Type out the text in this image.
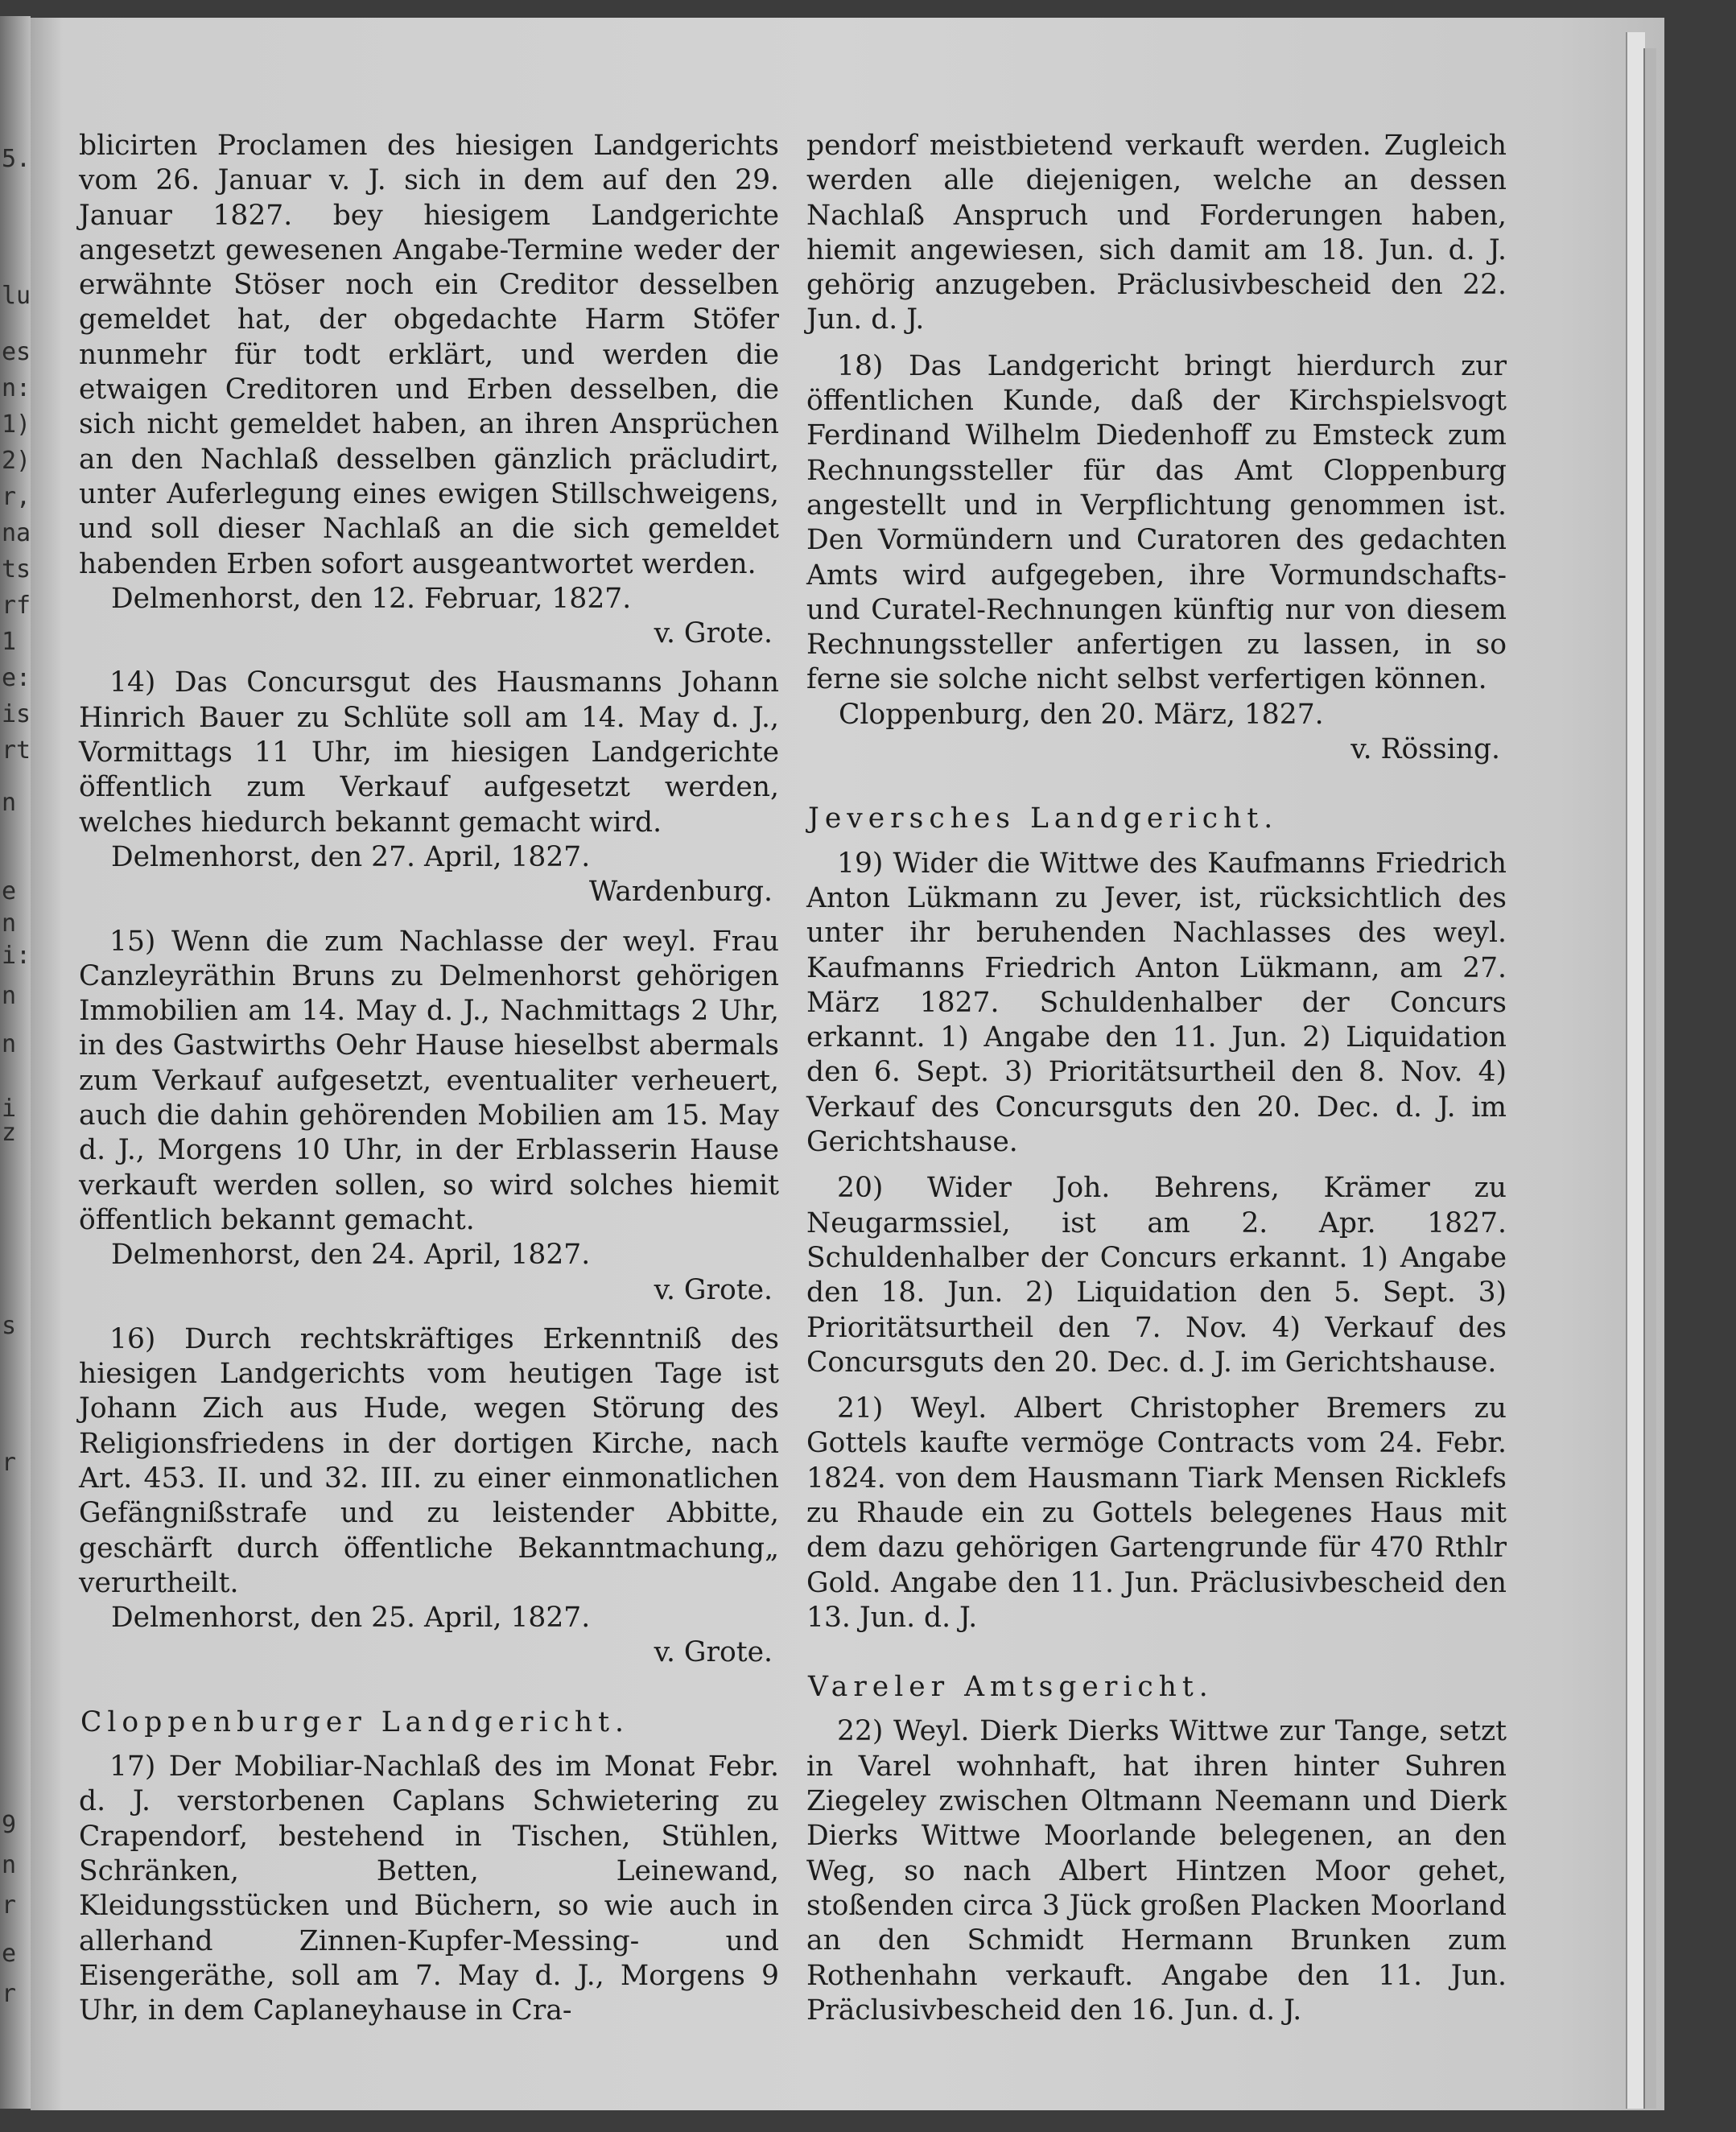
5.
lu
es
n:
1)
2)
r,
na
ts
rf
1
e:
is
rt
n
e
n
i:
n
n
i
z
s
r
9
n
r
e
r

blicirten Proclamen des hiesigen Landgerichts vom 26. Januar v. J. sich in dem auf den 29. Januar 1827. bey hiesigem Landgerichte angesetzt gewesenen Angabe-Termine weder der erwähnte Stöser noch ein Creditor desselben gemeldet hat, der obgedachte Harm Stöfer nunmehr für todt erklärt, und werden die etwaigen Creditoren und Erben desselben, die sich nicht gemeldet haben, an ihren Ansprüchen an den Nachlaß desselben gänzlich präcludirt, unter Auferlegung eines ewigen Stillschweigens, und soll dieser Nachlaß an die sich gemeldet habenden Erben sofort ausgeantwortet werden.

Delmenhorst, den 12. Februar, 1827.

v. Grote.

14) Das Concursgut des Hausmanns Johann Hinrich Bauer zu Schlüte soll am 14. May d. J., Vormittags 11 Uhr, im hiesigen Landgerichte öffentlich zum Verkauf aufgesetzt werden, welches hiedurch bekannt gemacht wird.

Delmenhorst, den 27. April, 1827.

Wardenburg.

15) Wenn die zum Nachlasse der weyl. Frau Canzleyräthin Bruns zu Delmenhorst gehörigen Immobilien am 14. May d. J., Nachmittags 2 Uhr, in des Gastwirths Oehr Hause hieselbst abermals zum Verkauf aufgesetzt, eventualiter verheuert, auch die dahin gehörenden Mobilien am 15. May d. J., Morgens 10 Uhr, in der Erblasserin Hause verkauft werden sollen, so wird solches hiemit öffentlich bekannt gemacht.

Delmenhorst, den 24. April, 1827.

v. Grote.

16) Durch rechtskräftiges Erkenntniß des hiesigen Landgerichts vom heutigen Tage ist Johann Zich aus Hude, wegen Störung des Religionsfriedens in der dortigen Kirche, nach Art. 453. II. und 32. III. zu einer einmonatlichen Gefängnißstrafe und zu leistender Abbitte, geschärft durch öffentliche Bekanntmachung„ verurtheilt.

Delmenhorst, den 25. April, 1827.

v. Grote.

Cloppenburger Landgericht.

17) Der Mobiliar-Nachlaß des im Monat Febr. d. J. verstorbenen Caplans Schwietering zu Crapendorf, bestehend in Tischen, Stühlen, Schränken, Betten, Leinewand, Kleidungsstücken und Büchern, so wie auch in allerhand Zinnen-Kupfer-Messing- und Eisengeräthe, soll am 7. May d. J., Morgens 9 Uhr, in dem Caplaneyhause in Cra-

pendorf meistbietend verkauft werden. Zugleich werden alle diejenigen, welche an dessen Nachlaß Anspruch und Forderungen haben, hiemit angewiesen, sich damit am 18. Jun. d. J. gehörig anzugeben. Präclusivbescheid den 22. Jun. d. J.

18) Das Landgericht bringt hierdurch zur öffentlichen Kunde, daß der Kirchspielsvogt Ferdinand Wilhelm Diedenhoff zu Emsteck zum Rechnungssteller für das Amt Cloppenburg angestellt und in Verpflichtung genommen ist. Den Vormündern und Curatoren des gedachten Amts wird aufgegeben, ihre Vormundschafts- und Curatel-Rechnungen künftig nur von diesem Rechnungssteller anfertigen zu lassen, in so ferne sie solche nicht selbst verfertigen können.

Cloppenburg, den 20. März, 1827.

v. Rössing.

Jeversches Landgericht.

19) Wider die Wittwe des Kaufmanns Friedrich Anton Lükmann zu Jever, ist, rücksichtlich des unter ihr beruhenden Nachlasses des weyl. Kaufmanns Friedrich Anton Lükmann, am 27. März 1827. Schuldenhalber der Concurs erkannt. 1) Angabe den 11. Jun. 2) Liquidation den 6. Sept. 3) Prioritätsurtheil den 8. Nov. 4) Verkauf des Concursguts den 20. Dec. d. J. im Gerichtshause.

20) Wider Joh. Behrens, Krämer zu Neugarmssiel, ist am 2. Apr. 1827. Schuldenhalber der Concurs erkannt. 1) Angabe den 18. Jun. 2) Liquidation den 5. Sept. 3) Prioritätsurtheil den 7. Nov. 4) Verkauf des Concursguts den 20. Dec. d. J. im Gerichtshause.

21) Weyl. Albert Christopher Bremers zu Gottels kaufte vermöge Contracts vom 24. Febr. 1824. von dem Hausmann Tiark Mensen Ricklefs zu Rhaude ein zu Gottels belegenes Haus mit dem dazu gehörigen Gartengrunde für 470 Rthlr Gold. Angabe den 11. Jun. Präclusivbescheid den 13. Jun. d. J.

Vareler Amtsgericht.

22) Weyl. Dierk Dierks Wittwe zur Tange, setzt in Varel wohnhaft, hat ihren hinter Suhren Ziegeley zwischen Oltmann Neemann und Dierk Dierks Wittwe Moorlande belegenen, an den Weg, so nach Albert Hintzen Moor gehet, stoßenden circa 3 Jück großen Placken Moorland an den Schmidt Hermann Brunken zum Rothenhahn verkauft. Angabe den 11. Jun. Präclusivbescheid den 16. Jun. d. J.
